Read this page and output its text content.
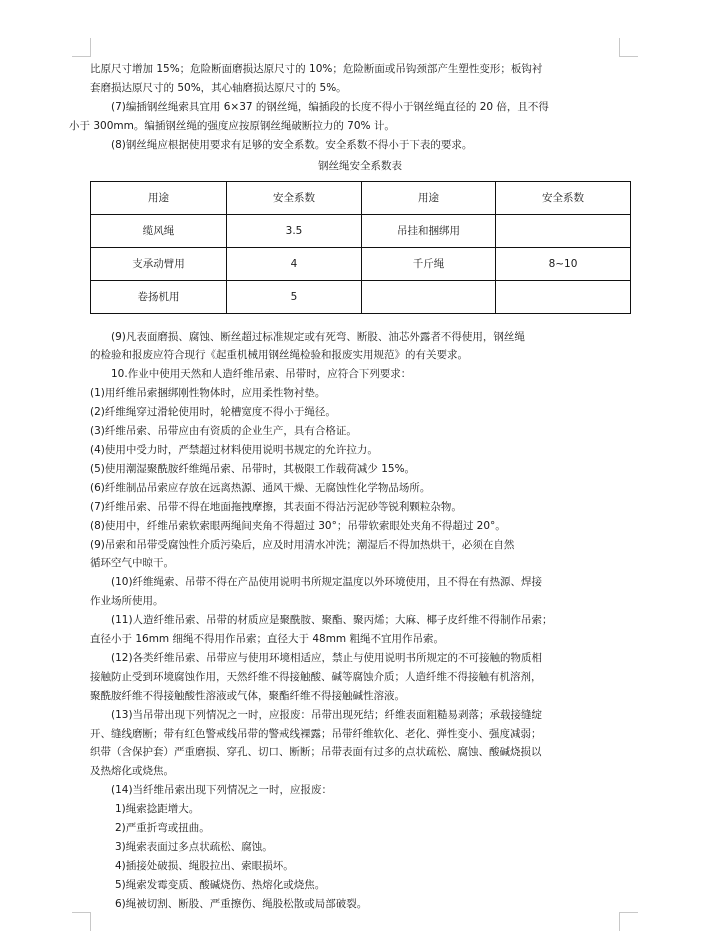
比原尺寸增加 15%；危险断面磨损达原尺寸的 10%；危险断面或吊钩颈部产生塑性变形；板钩衬
套磨损达原尺寸的 50%，其心轴磨损达原尺寸的 5%。

(7)编插钢丝绳索具宜用 6×37 的钢丝绳，编插段的长度不得小于钢丝绳直径的 20 倍，且不得
小于 300mm。编插钢丝绳的强度应按原钢丝绳破断拉力的 70% 计。

(8)钢丝绳应根据使用要求有足够的安全系数。安全系数不得小于下表的要求。

钢丝绳安全系数表
用途	安全系数	用途	安全系数
缆风绳	3.5	吊挂和捆绑用	
支承动臂用	4	千斤绳	8~10
卷扬机用	5		

(9)凡表面磨损、腐蚀、断丝超过标准规定或有死弯、断股、油芯外露者不得使用，钢丝绳
的检验和报废应符合现行《起重机械用钢丝绳检验和报废实用规范》的有关要求。

10.作业中使用天然和人造纤维吊索、吊带时，应符合下列要求：

(1)用纤维吊索捆绑刚性物体时，应用柔性物衬垫。

(2)纤维绳穿过滑轮使用时，轮槽宽度不得小于绳径。

(3)纤维吊索、吊带应由有资质的企业生产，具有合格证。

(4)使用中受力时，严禁超过材料使用说明书规定的允许拉力。

(5)使用潮湿聚酰胺纤维绳吊索、吊带时，其极限工作载荷减少 15%。

(6)纤维制品吊索应存放在远离热源、通风干燥、无腐蚀性化学物品场所。

(7)纤维吊索、吊带不得在地面拖拽摩擦，其表面不得沾污泥砂等锐利颗粒杂物。

(8)使用中，纤维吊索软索眼两绳间夹角不得超过 30°；吊带软索眼处夹角不得超过 20°。

(9)吊索和吊带受腐蚀性介质污染后，应及时用清水冲洗；潮湿后不得加热烘干，必须在自然
循环空气中晾干。

(10)纤维绳索、吊带不得在产品使用说明书所规定温度以外环境使用，且不得在有热源、焊接
作业场所使用。

(11)人造纤维吊索、吊带的材质应是聚酰胺、聚酯、聚丙烯；大麻、椰子皮纤维不得制作吊索；
直径小于 16mm 细绳不得用作吊索；直径大于 48mm 粗绳不宜用作吊索。

(12)各类纤维吊索、吊带应与使用环境相适应，禁止与使用说明书所规定的不可接触的物质相
接触防止受到环境腐蚀作用，天然纤维不得接触酸、碱等腐蚀介质；人造纤维不得接触有机溶剂，
聚酰胺纤维不得接触酸性溶液或气体，聚酯纤维不得接触碱性溶液。

(13)当吊带出现下列情况之一时，应报废：吊带出现死结；纤维表面粗糙易剥落；承载接缝绽
开、缝线磨断；带有红色警戒线吊带的警戒线裸露；吊带纤维软化、老化、弹性变小、强度减弱；
织带（含保护套）严重磨损、穿孔、切口、断断；吊带表面有过多的点状疏松、腐蚀、酸碱烧损以
及热熔化或烧焦。

(14)当纤维吊索出现下列情况之一时，应报废：

1)绳索捻距增大。

2)严重折弯或扭曲。

3)绳索表面过多点状疏松、腐蚀。

4)插接处破损、绳股拉出、索眼损坏。

5)绳索发霉变质、酸碱烧伤、热熔化或烧焦。

6)绳被切割、断股、严重擦伤、绳股松散或局部破裂。
